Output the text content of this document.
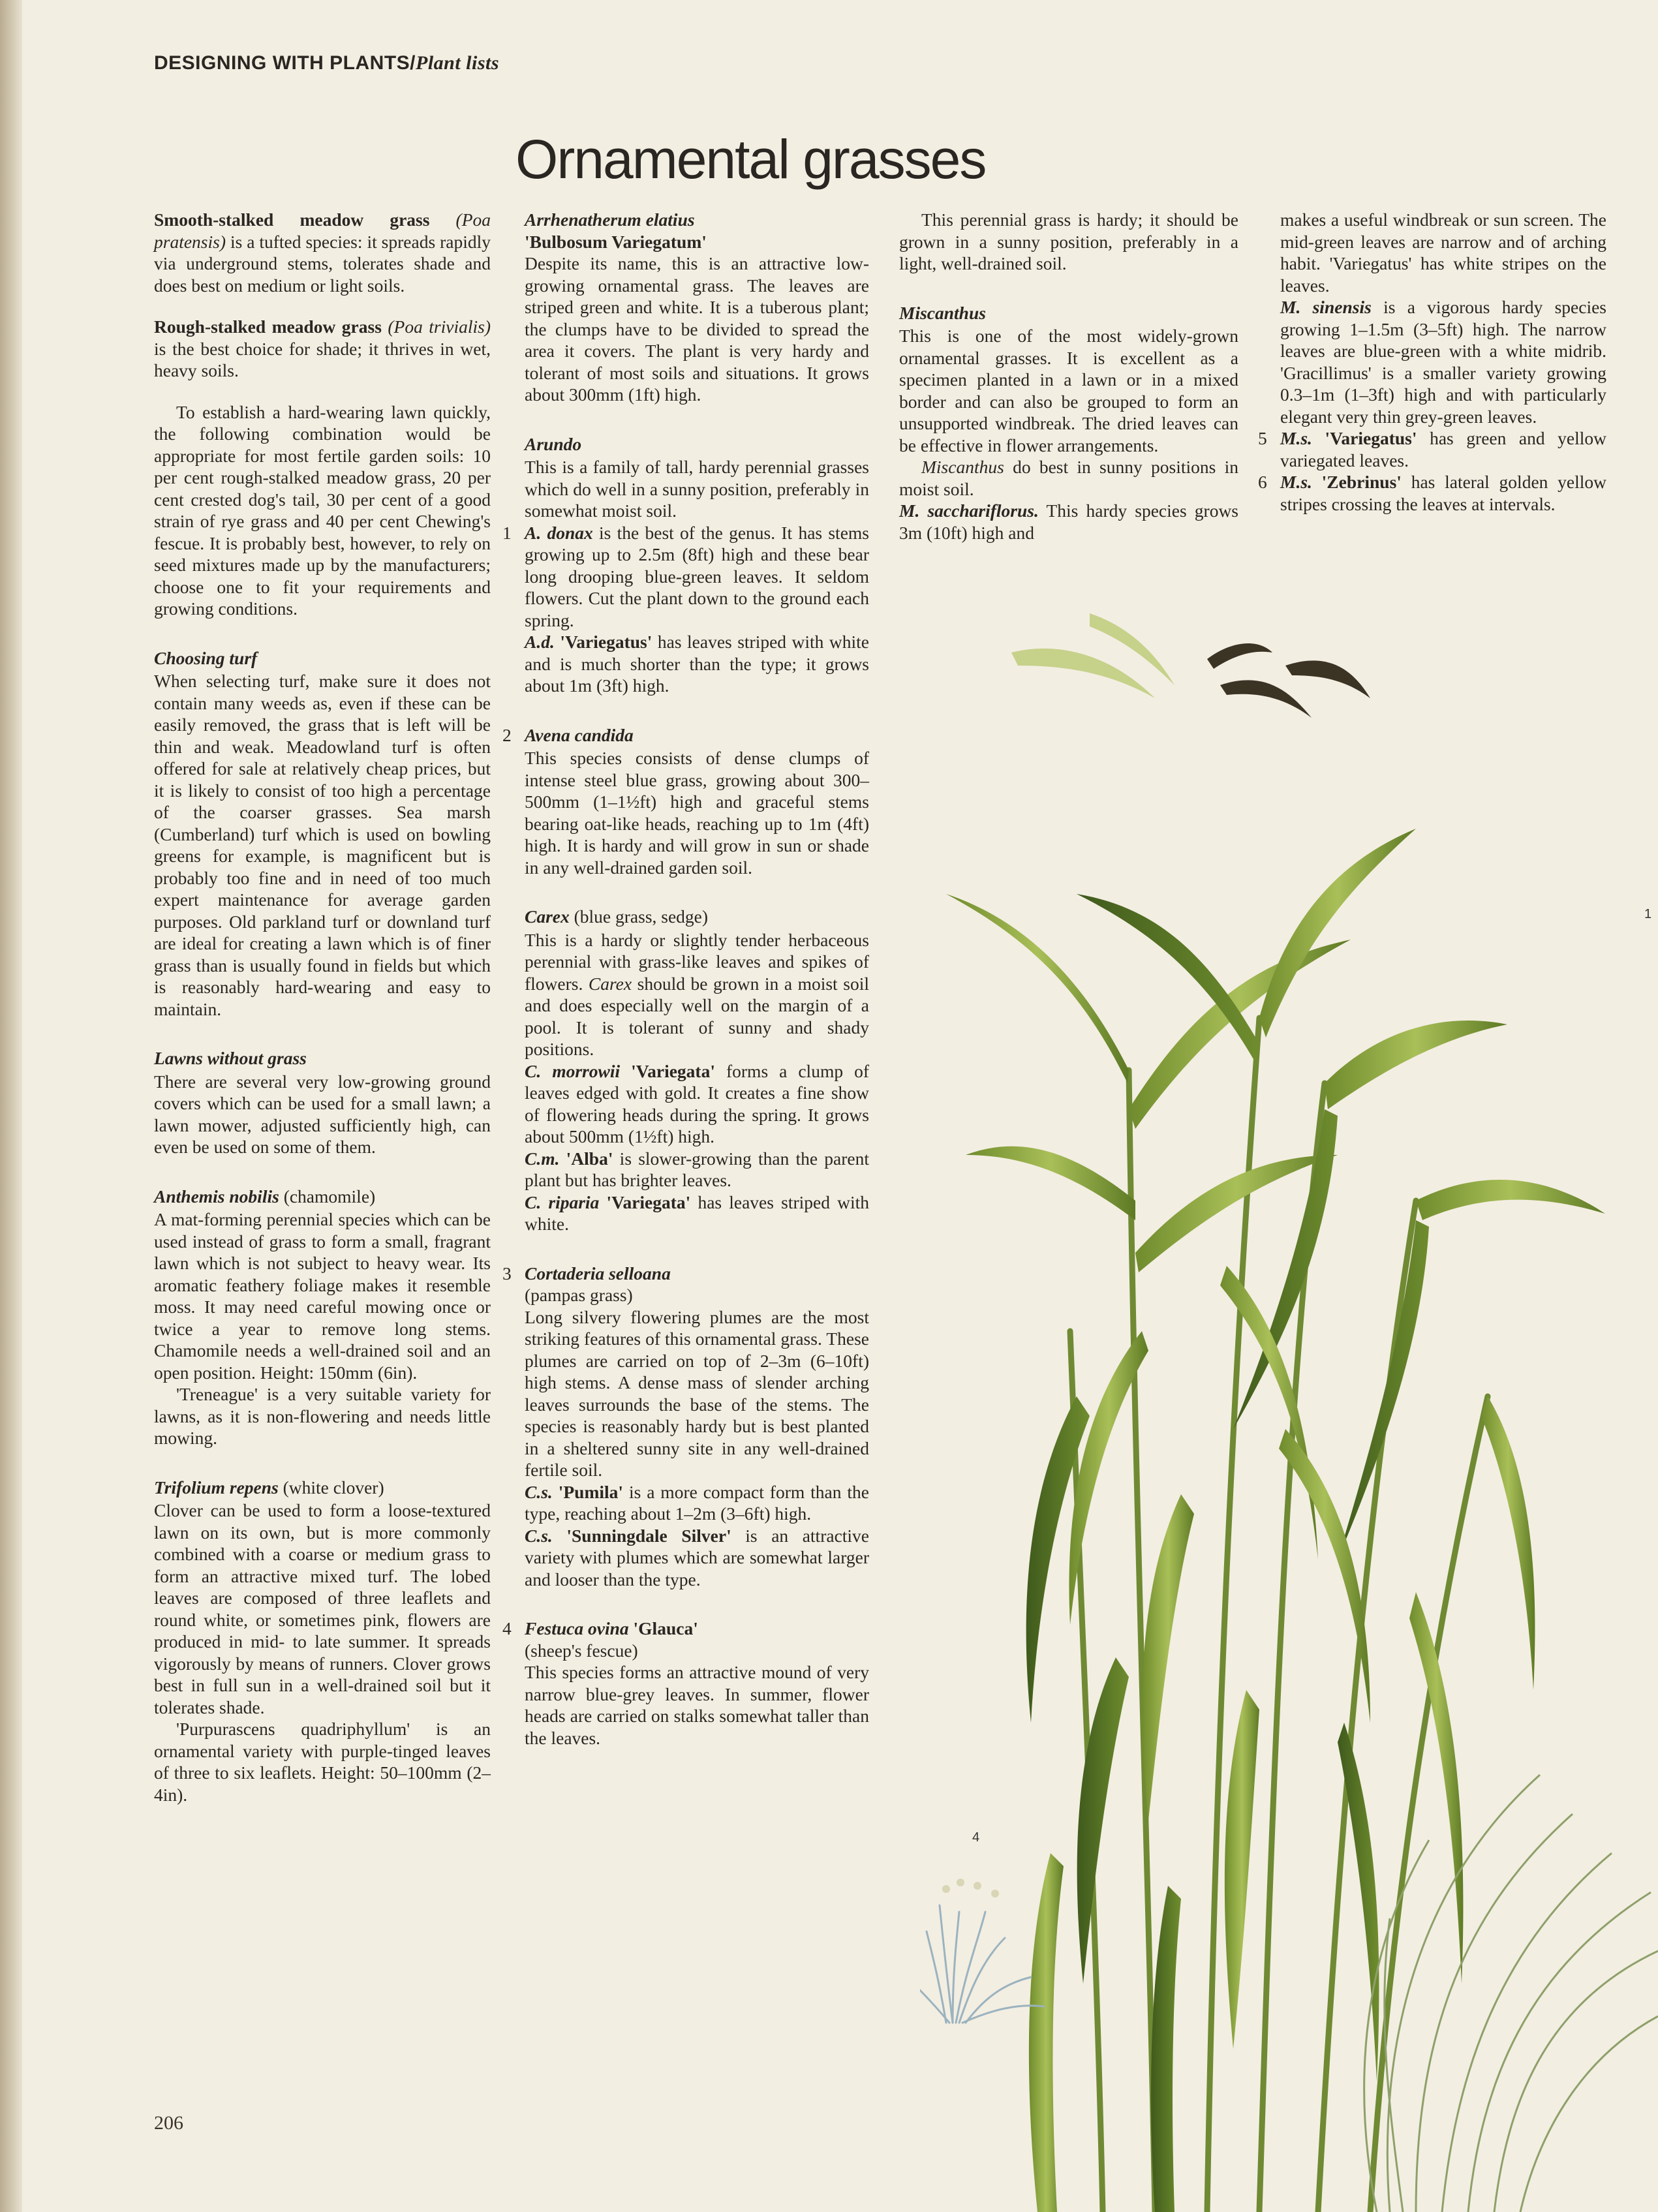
DESIGNING WITH PLANTS/Plant lists
Ornamental grasses

Smooth-stalked meadow grass (Poa pratensis) is a tufted species: it spreads rapidly via underground stems, tolerates shade and does best on medium or light soils.

Rough-stalked meadow grass (Poa trivialis) is the best choice for shade; it thrives in wet, heavy soils.

To establish a hard-wearing lawn quickly, the following combination would be appropriate for most fertile garden soils: 10 per cent rough-stalked meadow grass, 20 per cent crested dog's tail, 30 per cent of a good strain of rye grass and 40 per cent Chewing's fescue. It is probably best, however, to rely on seed mixtures made up by the manufacturers; choose one to fit your requirements and growing conditions.

Choosing turf

When selecting turf, make sure it does not contain many weeds as, even if these can be easily removed, the grass that is left will be thin and weak. Meadowland turf is often offered for sale at relatively cheap prices, but it is likely to consist of too high a percentage of the coarser grasses. Sea marsh (Cumberland) turf which is used on bowling greens for example, is magnificent but is probably too fine and in need of too much expert maintenance for average garden purposes. Old parkland turf or downland turf are ideal for creating a lawn which is of finer grass than is usually found in fields but which is reasonably hard-wearing and easy to maintain.

Lawns without grass

There are several very low-growing ground covers which can be used for a small lawn; a lawn mower, adjusted sufficiently high, can even be used on some of them.

Anthemis nobilis (chamomile)

A mat-forming perennial species which can be used instead of grass to form a small, fragrant lawn which is not subject to heavy wear. Its aromatic feathery foliage makes it resemble moss. It may need careful mowing once or twice a year to remove long stems. Chamomile needs a well-drained soil and an open position. Height: 150mm (6in).

'Treneague' is a very suitable variety for lawns, as it is non-flowering and needs little mowing.

Trifolium repens (white clover)

Clover can be used to form a loose-textured lawn on its own, but is more commonly combined with a coarse or medium grass to form an attractive mixed turf. The lobed leaves are composed of three leaflets and round white, or sometimes pink, flowers are produced in mid- to late summer. It spreads vigorously by means of runners. Clover grows best in full sun in a well-drained soil but it tolerates shade.

'Purpurascens quadriphyllum' is an ornamental variety with purple-tinged leaves of three to six leaflets. Height: 50–100mm (2–4in).

Arrhenatherum elatius
'Bulbosum Variegatum'

Despite its name, this is an attractive low-growing ornamental grass. The leaves are striped green and white. It is a tuberous plant; the clumps have to be divided to spread the area it covers. The plant is very hardy and tolerant of most soils and situations. It grows about 300mm (1ft) high.

Arundo

This is a family of tall, hardy perennial grasses which do well in a sunny position, preferably in somewhat moist soil.

1 A. donax is the best of the genus. It has stems growing up to 2.5m (8ft) high and these bear long drooping blue-green leaves. It seldom flowers. Cut the plant down to the ground each spring.

A.d. 'Variegatus' has leaves striped with white and is much shorter than the type; it grows about 1m (3ft) high.

2 Avena candida

This species consists of dense clumps of intense steel blue grass, growing about 300–500mm (1–1½ft) high and graceful stems bearing oat-like heads, reaching up to 1m (4ft) high. It is hardy and will grow in sun or shade in any well-drained garden soil.

Carex (blue grass, sedge)

This is a hardy or slightly tender herbaceous perennial with grass-like leaves and spikes of flowers. Carex should be grown in a moist soil and does especially well on the margin of a pool. It is tolerant of sunny and shady positions.

C. morrowii 'Variegata' forms a clump of leaves edged with gold. It creates a fine show of flowering heads during the spring. It grows about 500mm (1½ft) high.

C.m. 'Alba' is slower-growing than the parent plant but has brighter leaves.

C. riparia 'Variegata' has leaves striped with white.

3 Cortaderia selloana
(pampas grass)

Long silvery flowering plumes are the most striking features of this ornamental grass. These plumes are carried on top of 2–3m (6–10ft) high stems. A dense mass of slender arching leaves surrounds the base of the stems. The species is reasonably hardy but is best planted in a sheltered sunny site in any well-drained fertile soil.

C.s. 'Pumila' is a more compact form than the type, reaching about 1–2m (3–6ft) high.

C.s. 'Sunningdale Silver' is an attractive variety with plumes which are somewhat larger and looser than the type.

4 Festuca ovina 'Glauca'
(sheep's fescue)

This species forms an attractive mound of very narrow blue-grey leaves. In summer, flower heads are carried on stalks somewhat taller than the leaves.

This perennial grass is hardy; it should be grown in a sunny position, preferably in a light, well-drained soil.

Miscanthus

This is one of the most widely-grown ornamental grasses. It is excellent as a specimen planted in a lawn or in a mixed border and can also be grouped to form an unsupported windbreak. The dried leaves can be effective in flower arrangements.

Miscanthus do best in sunny positions in moist soil.

M. sacchariflorus. This hardy species grows 3m (10ft) high and

makes a useful windbreak or sun screen. The mid-green leaves are narrow and of arching habit. 'Variegatus' has white stripes on the leaves.

M. sinensis is a vigorous hardy species growing 1–1.5m (3–5ft) high. The narrow leaves are blue-green with a white midrib. 'Gracillimus' is a smaller variety growing 0.3–1m (1–3ft) high and with particularly elegant very thin grey-green leaves.

5 M.s. 'Variegatus' has green and yellow variegated leaves.

6 M.s. 'Zebrinus' has lateral golden yellow stripes crossing the leaves at intervals.

4
1
206
